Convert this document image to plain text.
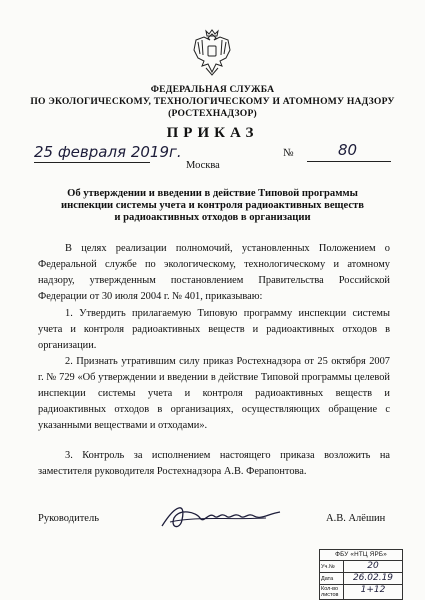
ФЕДЕРАЛЬНАЯ СЛУЖБА
ПО ЭКОЛОГИЧЕСКОМУ, ТЕХНОЛОГИЧЕСКОМУ И АТОМНОМУ НАДЗОРУ
(РОСТЕХНАДЗОР)
ПРИКАЗ
25 февраля 2019г.
Москва
№	80
Об утверждении и введении в действие Типовой программы
инспекции системы учета и контроля радиоактивных веществ
и радиоактивных отходов в организации

В целях реализации полномочий, установленных Положением о Федеральной службе по экологическому, технологическому и атомному надзору, утвержденным постановлением Правительства Российской Федерации от 30 июля 2004 г. № 401, приказываю:

1. Утвердить прилагаемую Типовую программу инспекции системы учета и контроля радиоактивных веществ и радиоактивных отходов в организации.

2. Признать утратившим силу приказ Ростехнадзора от 25 октября 2007 г. № 729 «Об утверждении и введении в действие Типовой программы целевой инспекции системы учета и контроля радиоактивных веществ и радиоактивных отходов в организациях, осуществляющих обращение с указанными веществами и отходами».

3. Контроль за исполнением настоящего приказа возложить на заместителя руководителя Ростехнадзора А.В. Ферапонтова.

Руководитель	А.В. Алёшин
ФБУ «НТЦ ЯРБ»
Уч.№	20
Дата	26.02.19
Кол-во листов	1+12
